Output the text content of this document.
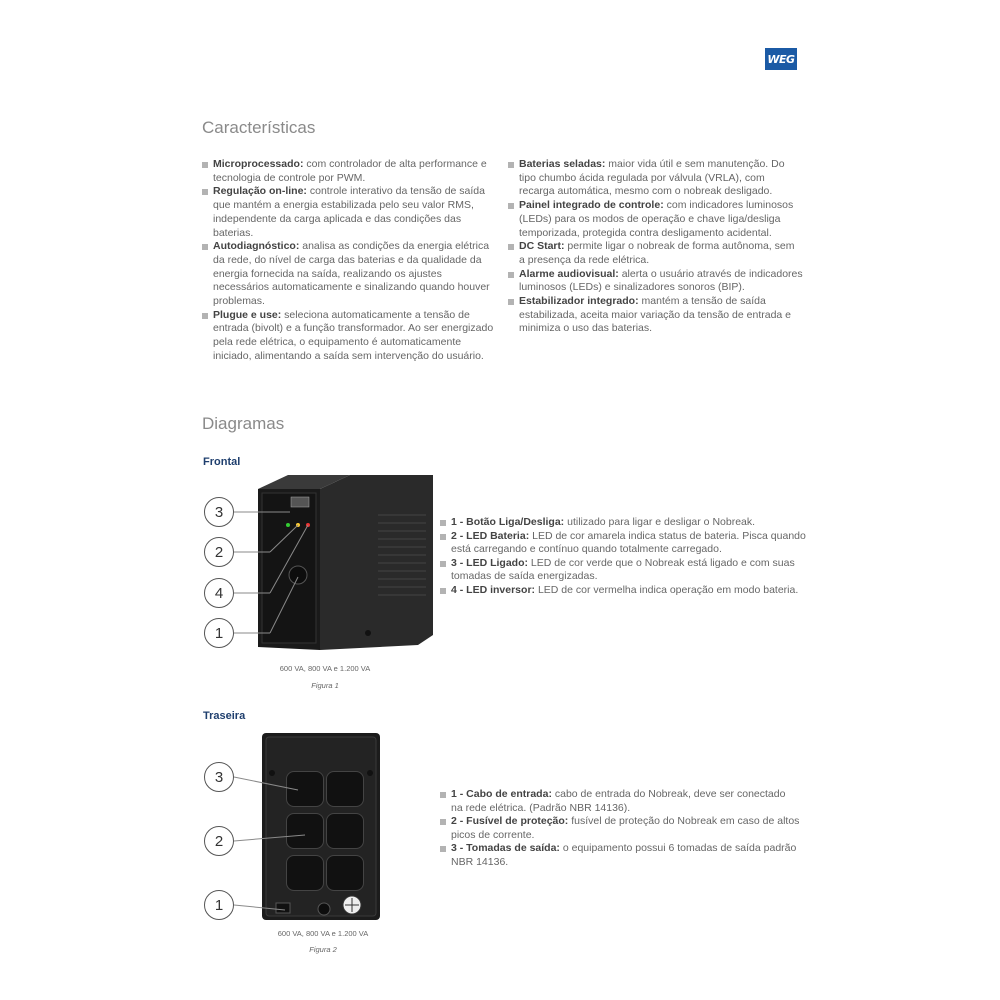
WEG
Características
Microprocessado: com controlador de alta performance e tecnologia de controle por PWM.
Regulação on-line: controle interativo da tensão de saída que mantém a energia estabilizada pelo seu valor RMS, independente da carga aplicada e das condições das baterias.
Autodiagnóstico: analisa as condições da energia elétrica da rede, do nível de carga das baterias e da qualidade da energia fornecida na saída, realizando os ajustes necessários automaticamente e sinalizando quando houver problemas.
Plugue e use: seleciona automaticamente a tensão de entrada (bivolt) e a função transformador. Ao ser energizado pela rede elétrica, o equipamento é automaticamente iniciado, alimentando a saída sem intervenção do usuário.
Baterias seladas: maior vida útil e sem manutenção. Do tipo chumbo ácida regulada por válvula (VRLA), com recarga automática, mesmo com o nobreak desligado.
Painel integrado de controle: com indicadores luminosos (LEDs) para os modos de operação e chave liga/desliga temporizada, protegida contra desligamento acidental.
DC Start: permite ligar o nobreak de forma autônoma, sem a presença da rede elétrica.
Alarme audiovisual: alerta o usuário através de indicadores luminosos (LEDs) e sinalizadores sonoros (BIP).
Estabilizador integrado: mantém a tensão de saída estabilizada, aceita maior variação da tensão de entrada e minimiza o uso das baterias.
Diagramas
Frontal
3
2
4
1
600 VA, 800 VA e 1.200 VA
Figura 1
1 - Botão Liga/Desliga: utilizado para ligar e desligar o Nobreak.
2 - LED Bateria: LED de cor amarela indica status de bateria. Pisca quando está carregando e contínuo quando totalmente carregado.
3 - LED Ligado: LED de cor verde que o Nobreak está ligado e com suas tomadas de saída energizadas.
4 - LED inversor: LED de cor vermelha indica operação em modo bateria.
Traseira
3
2
1
600 VA, 800 VA e 1.200 VA
Figura 2
1 - Cabo de entrada: cabo de entrada do Nobreak, deve ser conectado na rede elétrica. (Padrão NBR 14136).
2 - Fusível de proteção: fusível de proteção do Nobreak em caso de altos picos de corrente.
3 - Tomadas de saída: o equipamento possui 6 tomadas de saída padrão NBR 14136.
